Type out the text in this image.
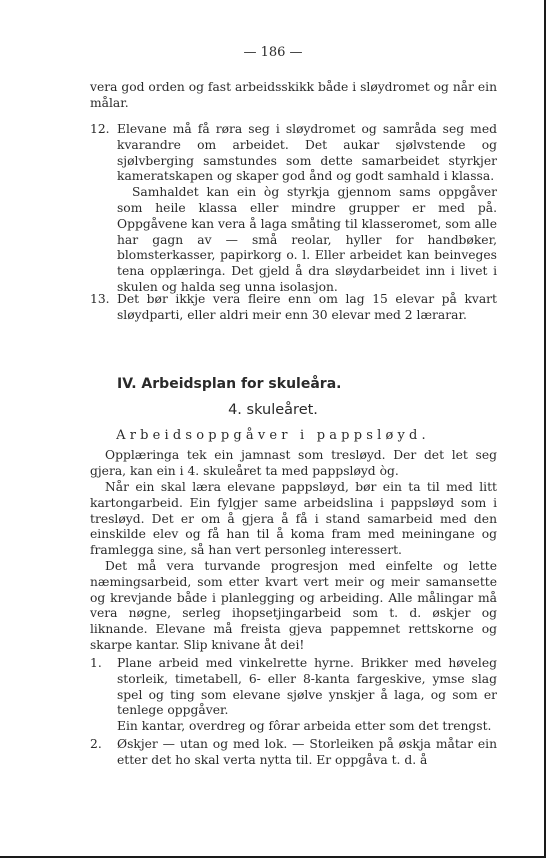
— 186 —

vera god orden og fast arbeidsskikk både i sløydromet og når ein målar.

12. Elevane må få røra seg i sløydromet og samråda seg med kvarandre om arbeidet. Det aukar sjølvstende og sjølvberging samstundes som dette samarbeidet styrkjer kameratskapen og skaper god ånd og godt samhald i klassa.

Samhaldet kan ein òg styrkja gjennom sams oppgåver som heile klassa eller mindre grupper er med på. Oppgåvene kan vera å laga småting til klasseromet, som alle har gagn av — små reolar, hyller for handbøker, blomsterkasser, papirkorg o. l. Eller arbeidet kan beinveges tena opplæringa. Det gjeld å dra sløydarbeidet inn i livet i skulen og halda seg unna isolasjon.

13. Det bør ikkje vera fleire enn om lag 15 elevar på kvart sløydparti, eller aldri meir enn 30 elevar med 2 lærarar.

IV. Arbeidsplan for skuleåra.
4. skuleåret.
Arbeidsoppgåver i pappsløyd.

Opplæringa tek ein jamnast som tresløyd. Der det let seg gjera, kan ein i 4. skuleåret ta med pappsløyd òg.

Når ein skal læra elevane pappsløyd, bør ein ta til med litt kartongarbeid. Ein fylgjer same arbeidslina i pappsløyd som i tresløyd. Det er om å gjera å få i stand samarbeid med den einskilde elev og få han til å koma fram med meiningane og framlegga sine, så han vert personleg interessert.

Det må vera turvande progresjon med einfelte og lette næmingsarbeid, som etter kvart vert meir og meir samansette og krevjande både i planlegging og arbeiding. Alle målingar må vera nøgne, serleg ihopsetjingarbeid som t. d. øskjer og liknande. Elevane må freista gjeva pappemnet rettskorne og skarpe kantar. Slip knivane åt dei!

1.	Plane arbeid med vinkelrette hyrne. Brikker med høveleg storleik, timetabell, 6- eller 8-kanta fargeskive, ymse slag spel og ting som elevane sjølve ynskjer å laga, og som er tenlege oppgåver.

Ein kantar, overdreg og fôrar arbeida etter som det trengst.

2.	Øskjer — utan og med lok. — Storleiken på øskja måtar ein etter det ho skal verta nytta til. Er oppgåva t. d. å
